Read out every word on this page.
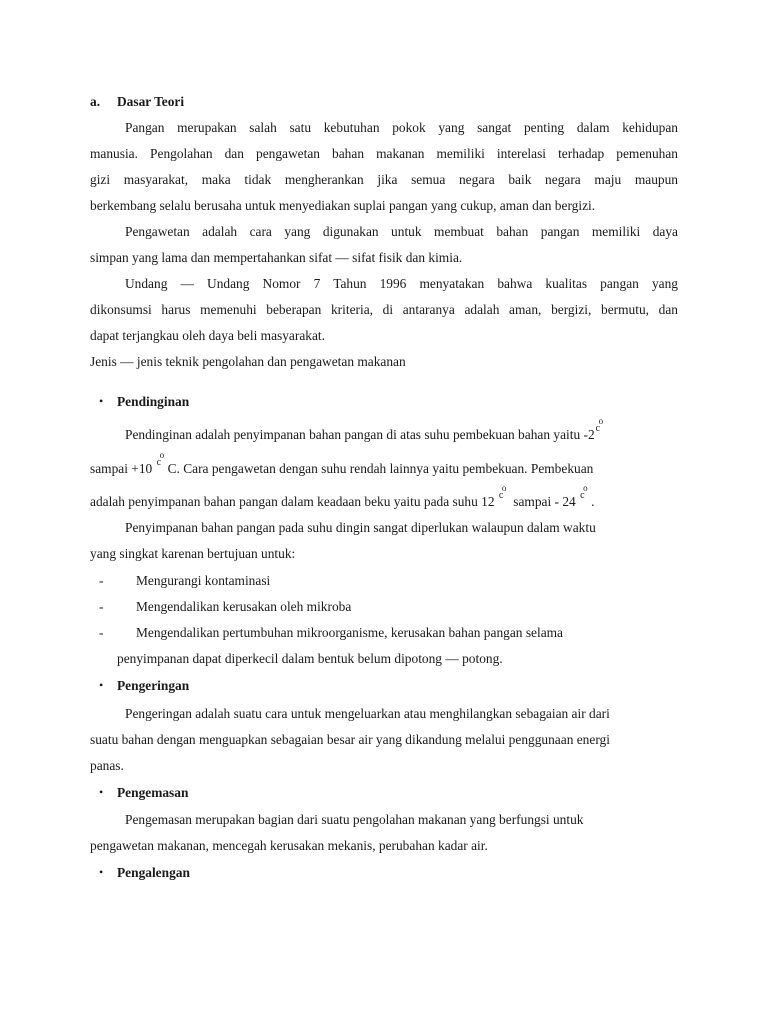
a. Dasar Teori
Pangan merupakan salah satu kebutuhan pokok yang sangat penting dalam kehidupan
manusia. Pengolahan dan pengawetan bahan makanan memiliki interelasi terhadap pemenuhan
gizi masyarakat, maka tidak mengherankan jika semua negara baik negara maju maupun
berkembang selalu berusaha untuk menyediakan suplai pangan yang cukup, aman dan bergizi.
Pengawetan adalah cara yang digunakan untuk membuat bahan pangan memiliki daya
simpan yang lama dan mempertahankan sifat — sifat fisik dan kimia.
Undang — Undang Nomor 7 Tahun 1996 menyatakan bahwa kualitas pangan yang
dikonsumsi harus memenuhi beberapan kriteria, di antaranya adalah aman, bergizi, bermutu, dan
dapat terjangkau oleh daya beli masyarakat.
Jenis — jenis teknik pengolahan dan pengawetan makanan
• Pendinginan
Pendinginan adalah penyimpanan bahan pangan di atas suhu pembekuan bahan yaitu -2 c
o
sampai +10 c
o
C. Cara pengawetan dengan suhu rendah lainnya yaitu pembekuan. Pembekuan
adalah penyimpanan bahan pangan dalam keadaan beku yaitu pada suhu 12 c
o
sampai - 24 c
o
.
Penyimpanan bahan pangan pada suhu dingin sangat diperlukan walaupun dalam waktu
yang singkat karenan bertujuan untuk:
- Mengurangi kontaminasi
- Mengendalikan kerusakan oleh mikroba
- Mengendalikan pertumbuhan mikroorganisme, kerusakan bahan pangan selama
penyimpanan dapat diperkecil dalam bentuk belum dipotong — potong.
• Pengeringan
Pengeringan adalah suatu cara untuk mengeluarkan atau menghilangkan sebagaian air dari
suatu bahan dengan menguapkan sebagaian besar air yang dikandung melalui penggunaan energi
panas.
• Pengemasan
Pengemasan merupakan bagian dari suatu pengolahan makanan yang berfungsi untuk
pengawetan makanan, mencegah kerusakan mekanis, perubahan kadar air.
• Pengalengan
